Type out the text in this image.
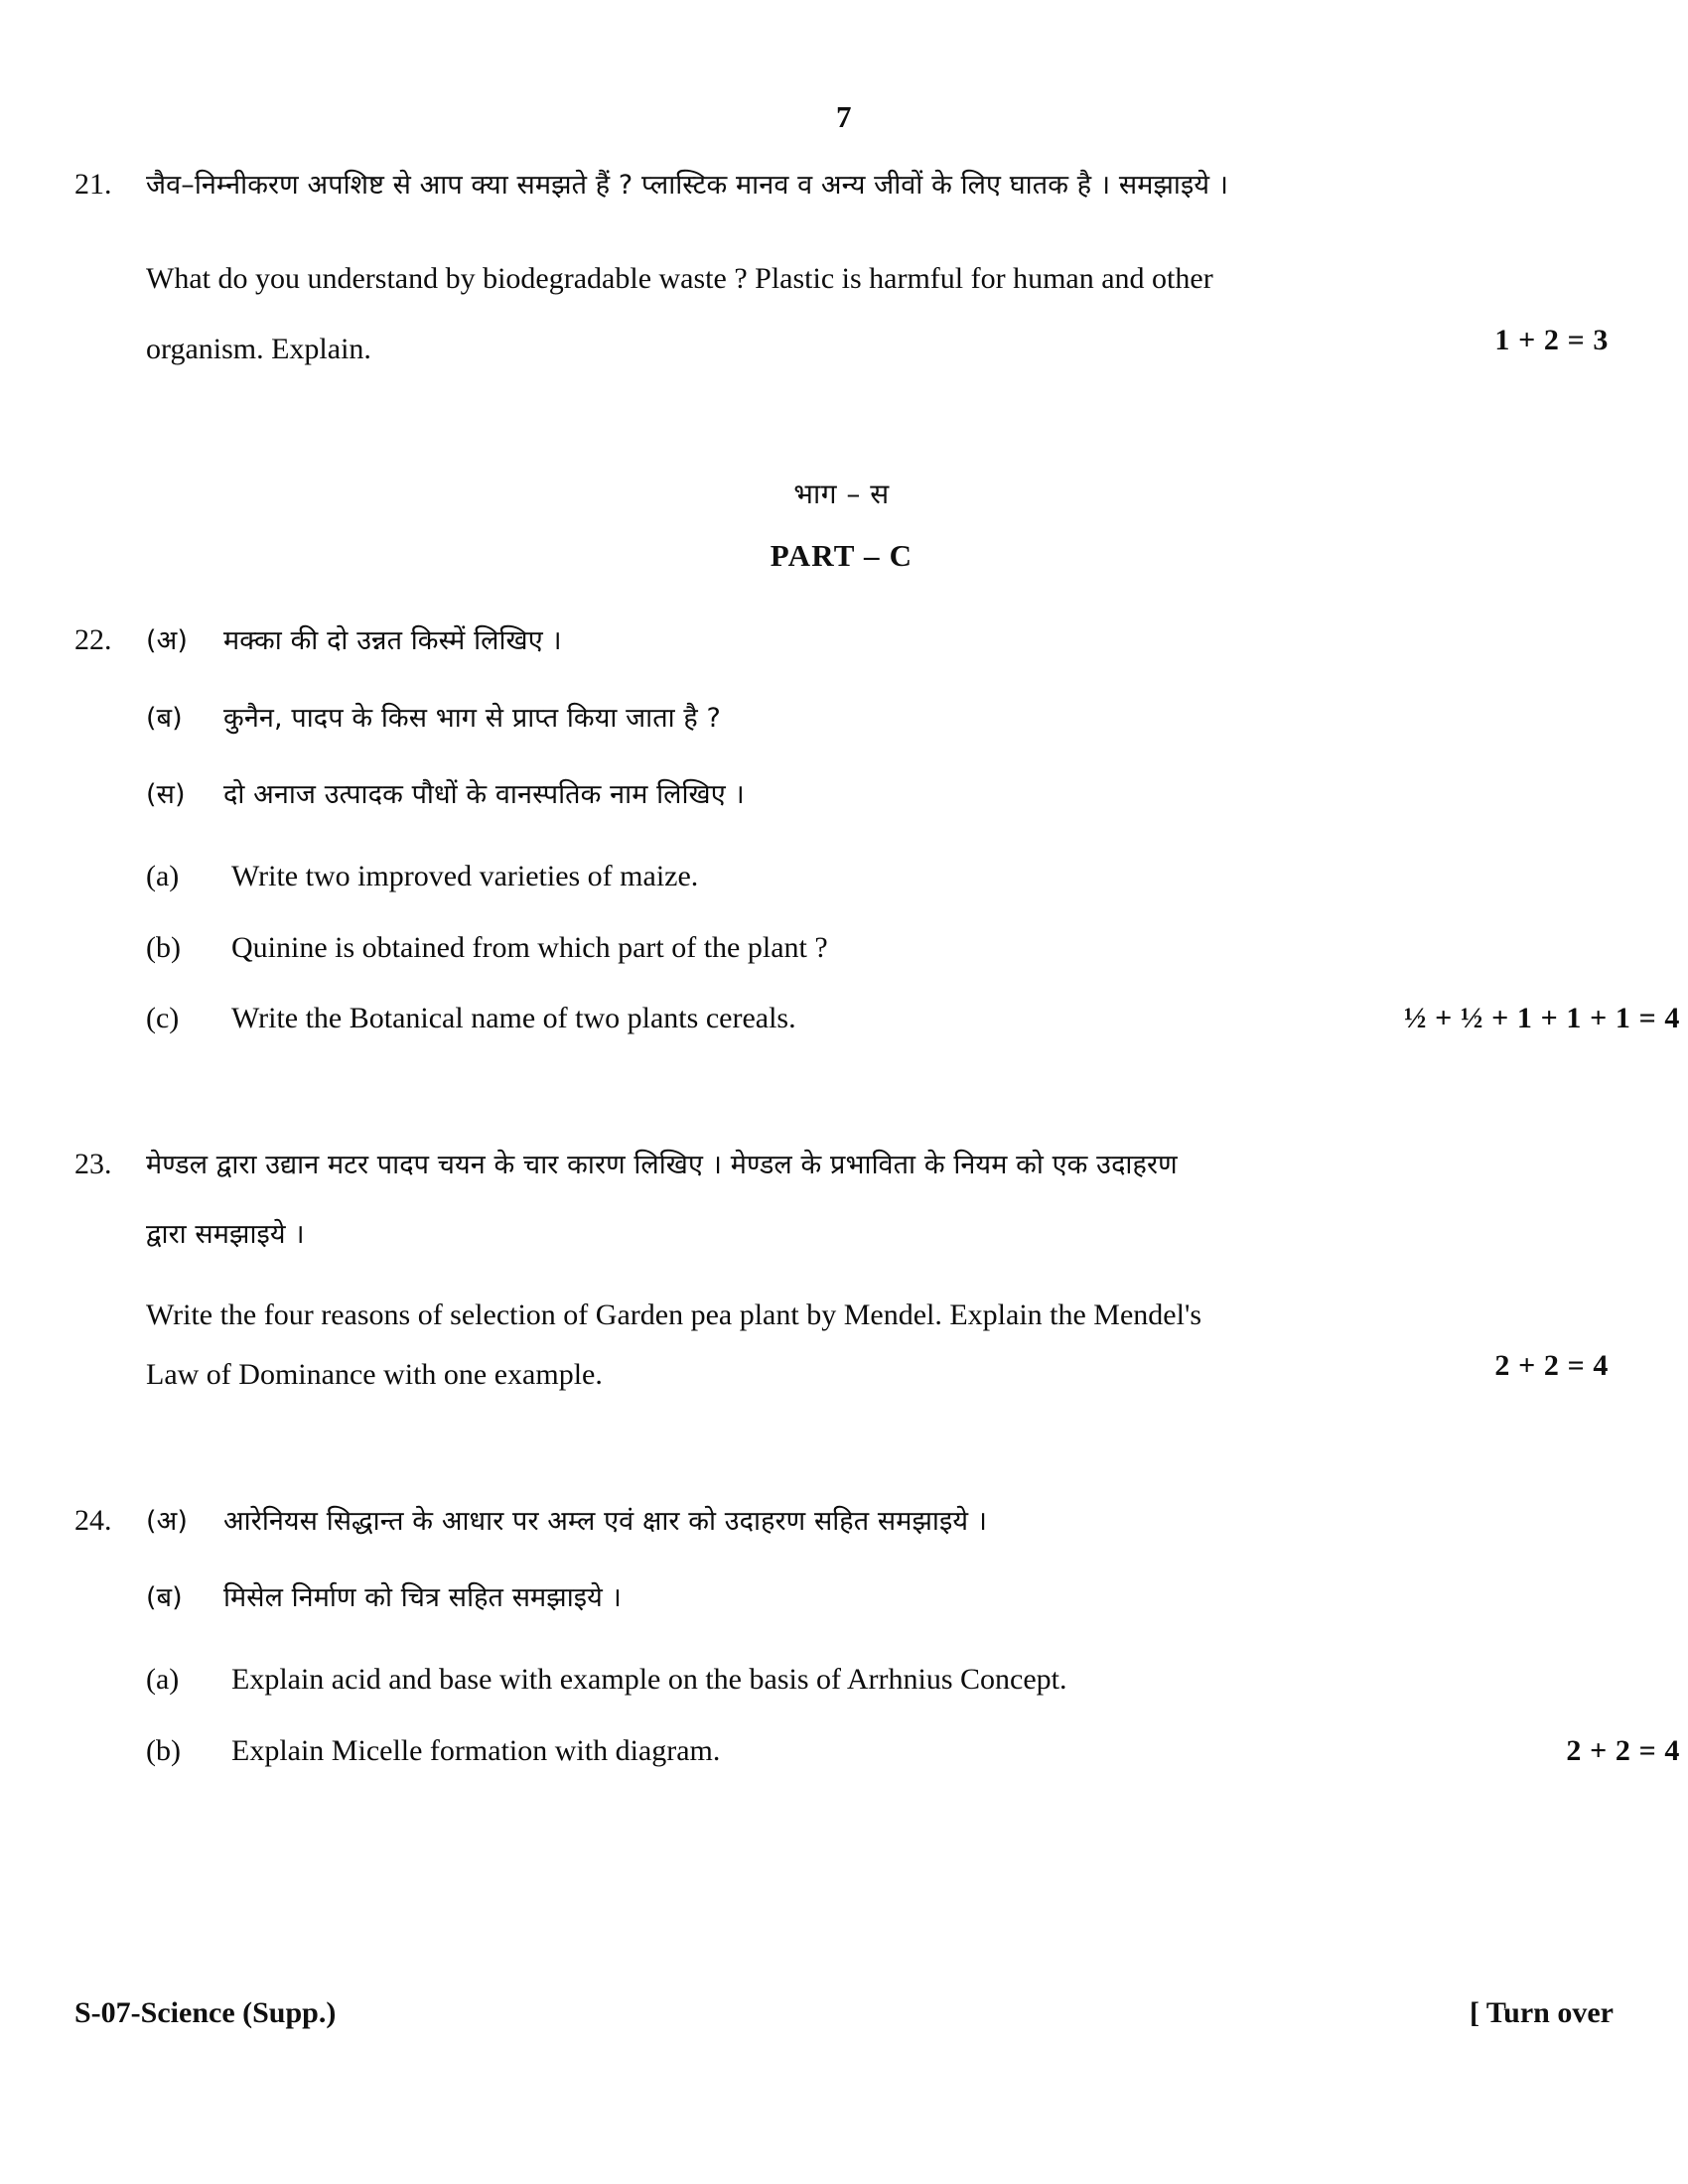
7
21.	जैव–निम्नीकरण अपशिष्ट से आप क्या समझते हैं ? प्लास्टिक मानव व अन्य जीवों के लिए घातक है । समझाइये ।
What do you understand by biodegradable waste ? Plastic is harmful for human and other
1 + 2 = 3
organism. Explain.
भाग – स
PART – C
22.	(अ)	मक्का की दो उन्नत किस्में लिखिए ।
(ब)	कुनैन, पादप के किस भाग से प्राप्त किया जाता है ?
(स)	दो अनाज उत्पादक पौधों के वानस्पतिक नाम लिखिए ।
(a)	Write two improved varieties of maize.
(b)	Quinine is obtained from which part of the plant ?
(c)	½ + ½ + 1 + 1 + 1 = 4
Write the Botanical name of two plants cereals.
23.	मेण्डल द्वारा उद्यान मटर पादप चयन के चार कारण लिखिए । मेण्डल के प्रभाविता के नियम को एक उदाहरण
द्वारा समझाइये ।
Write the four reasons of selection of Garden pea plant by Mendel. Explain the Mendel's
2 + 2 = 4
Law of Dominance with one example.
24.	(अ)	आरेनियस सिद्धान्त के आधार पर अम्ल एवं क्षार को उदाहरण सहित समझाइये ।
(ब)	मिसेल निर्माण को चित्र सहित समझाइये ।
(a)	Explain acid and base with example on the basis of Arrhnius Concept.
(b)	2 + 2 = 4
Explain Micelle formation with diagram.
S-07-Science (Supp.)	[ Turn over
